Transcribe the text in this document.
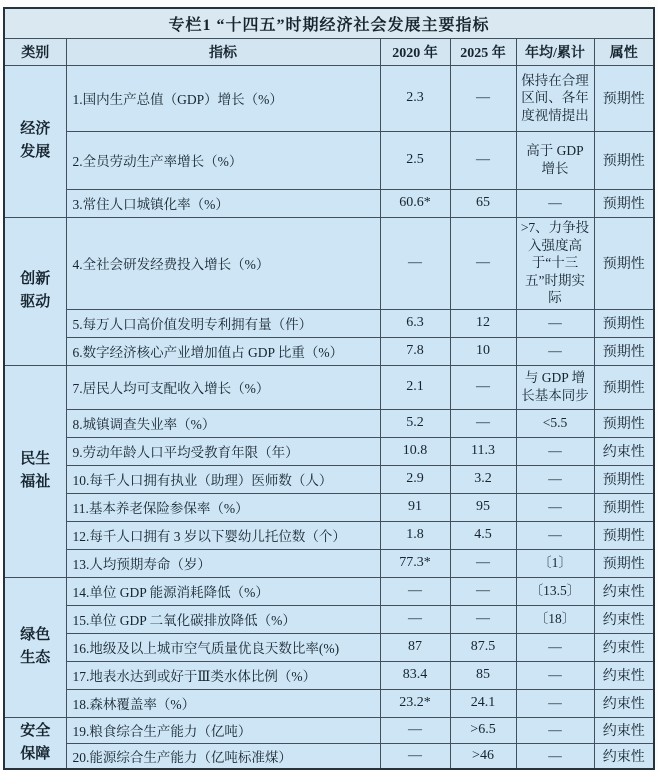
专栏1 “十四五”时期经济社会发展主要指标					
类别	指标	2020 年	2025 年	年均/累计	属性
经济发展	1.国内生产总值（GDP）增长（%）	2.3	—	保持在合理区间、各年度视情提出	预期性
	2.全员劳动生产率增长（%）	2.5	—	高于 GDP 增长	预期性
	3.常住人口城镇化率（%）	60.6*	65	—	预期性
创新驱动	4.全社会研发经费投入增长（%）	—	—	>7、力争投入强度高于“十三五”时期实际	预期性
	5.每万人口高价值发明专利拥有量（件）	6.3	12	—	预期性
	6.数字经济核心产业增加值占 GDP 比重（%）	7.8	10	—	预期性
民生福祉	7.居民人均可支配收入增长（%）	2.1	—	与 GDP 增长基本同步	预期性
	8.城镇调查失业率（%）	5.2	—	<5.5	预期性
	9.劳动年龄人口平均受教育年限（年）	10.8	11.3	—	约束性
	10.每千人口拥有执业（助理）医师数（人）	2.9	3.2	—	预期性
	11.基本养老保险参保率（%）	91	95	—	预期性
	12.每千人口拥有 3 岁以下婴幼儿托位数（个）	1.8	4.5	—	预期性
	13.人均预期寿命（岁）	77.3*	—	〔1〕	预期性
绿色生态	14.单位 GDP 能源消耗降低（%）	—	—	〔13.5〕	约束性
	15.单位 GDP 二氧化碳排放降低（%）	—	—	〔18〕	约束性
	16.地级及以上城市空气质量优良天数比率(%)	87	87.5	—	约束性
	17.地表水达到或好于Ⅲ类水体比例（%）	83.4	85	—	约束性
	18.森林覆盖率（%）	23.2*	24.1	—	约束性
安全保障	19.粮食综合生产能力（亿吨）	—	>6.5	—	约束性
	20.能源综合生产能力（亿吨标准煤）	—	>46	—	约束性
